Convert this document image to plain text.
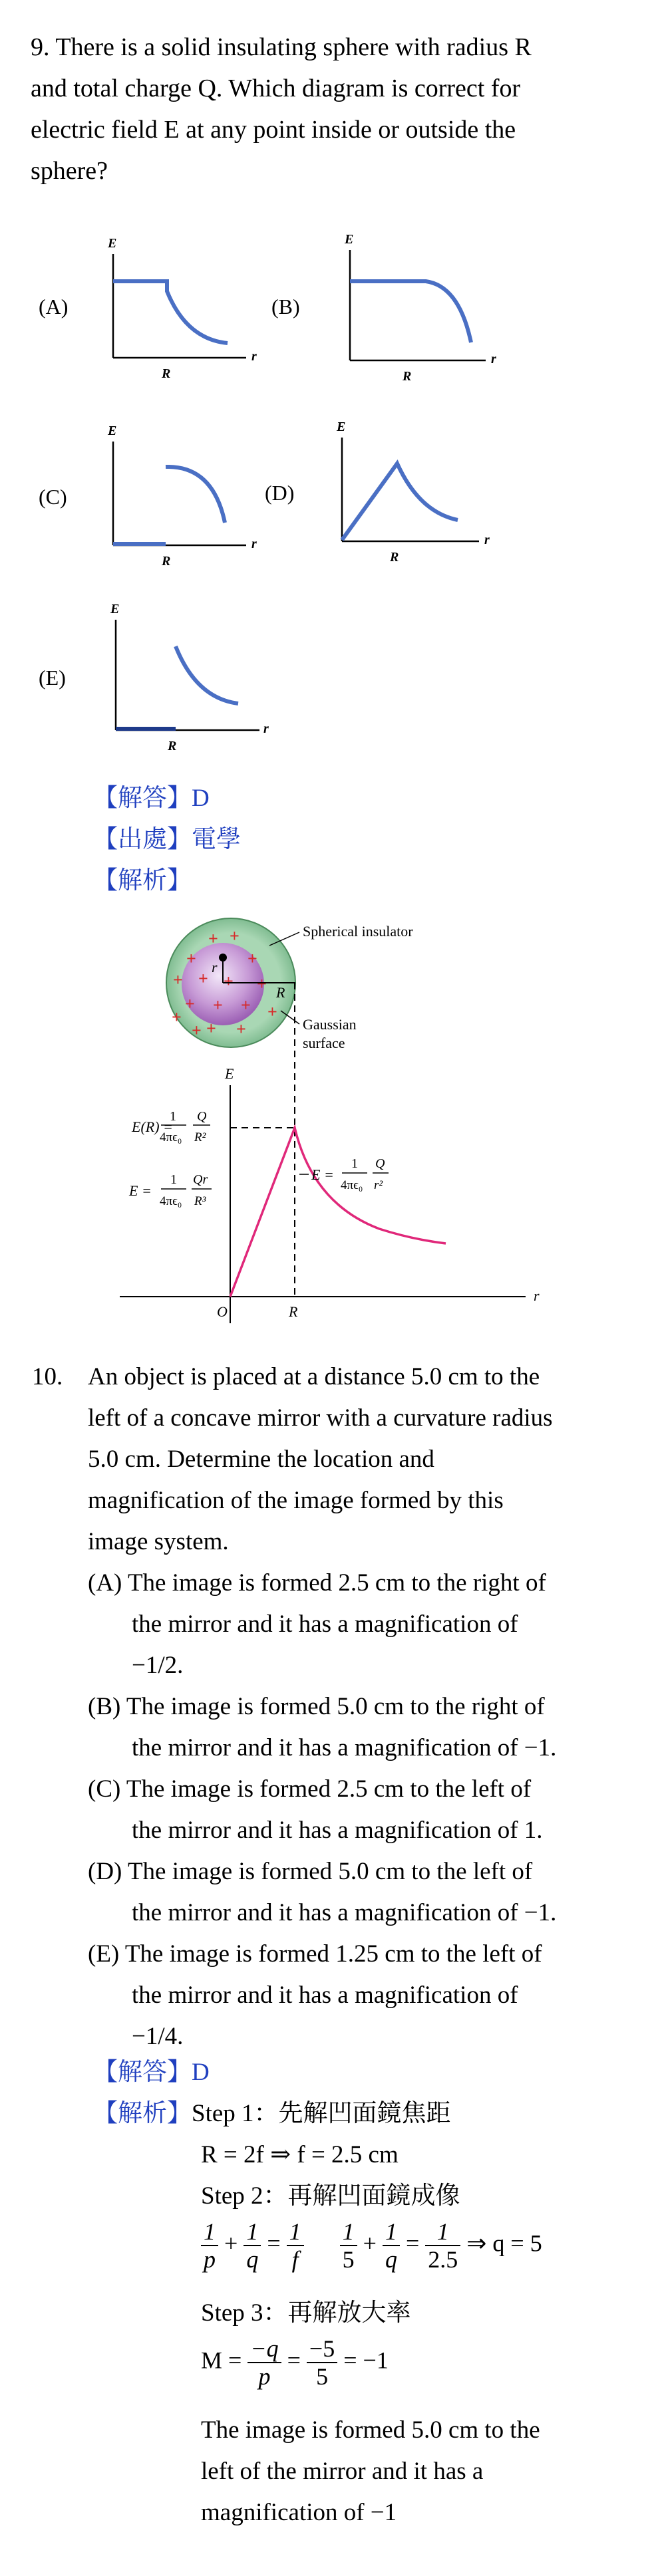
9. There is a solid insulating sphere with radius R
and total charge Q. Which diagram is correct for
electric field E at any point inside or outside the
sphere?
(A)
E
r
R
(B)
E
r
R
(C)
E
r
R
(D)
E
r
R
(E)
E
r
R
【解答】D
【出處】電學
【解析】
+ +
+	+
+ + + +
+ + +
+ +
+
+
+
r
R
Spherical insulator
Gaussian
surface
E
r
O	R
E(R) =
1
4πϵ₀
Q
R²
E =
1
4πϵ₀
Qr
R³
E =
1
4πϵ₀
Q
r²
10. An object is placed at a distance 5.0 cm to the
left of a concave mirror with a curvature radius
5.0 cm. Determine the location and
magnification of the image formed by this
image system.
(A) The image is formed 2.5 cm to the right of
the mirror and it has a magnification of
−1/2.
(B) The image is formed 5.0 cm to the right of
the mirror and it has a magnification of −1.
(C) The image is formed 2.5 cm to the left of
the mirror and it has a magnification of 1.
(D) The image is formed 5.0 cm to the left of
the mirror and it has a magnification of −1.
(E) The image is formed 1.25 cm to the left of
the mirror and it has a magnification of
−1/4.
【解答】D
【解析】Step 1：先解凹面鏡焦距
R = 2f ⇒ f = 2.5 cm
Step 2：再解凹面鏡成像
$\frac{1}{p} + \frac{1}{q} = \frac{1}{f}$
$\frac{1}{5} + \frac{1}{q} = \frac{1}{2.5}$ ⇒ q = 5
Step 3：再解放大率
$M = \frac{-q}{p} = \frac{-5}{5} = -1$
The image is formed 5.0 cm to the
left of the mirror and it has a
magnification of −1
